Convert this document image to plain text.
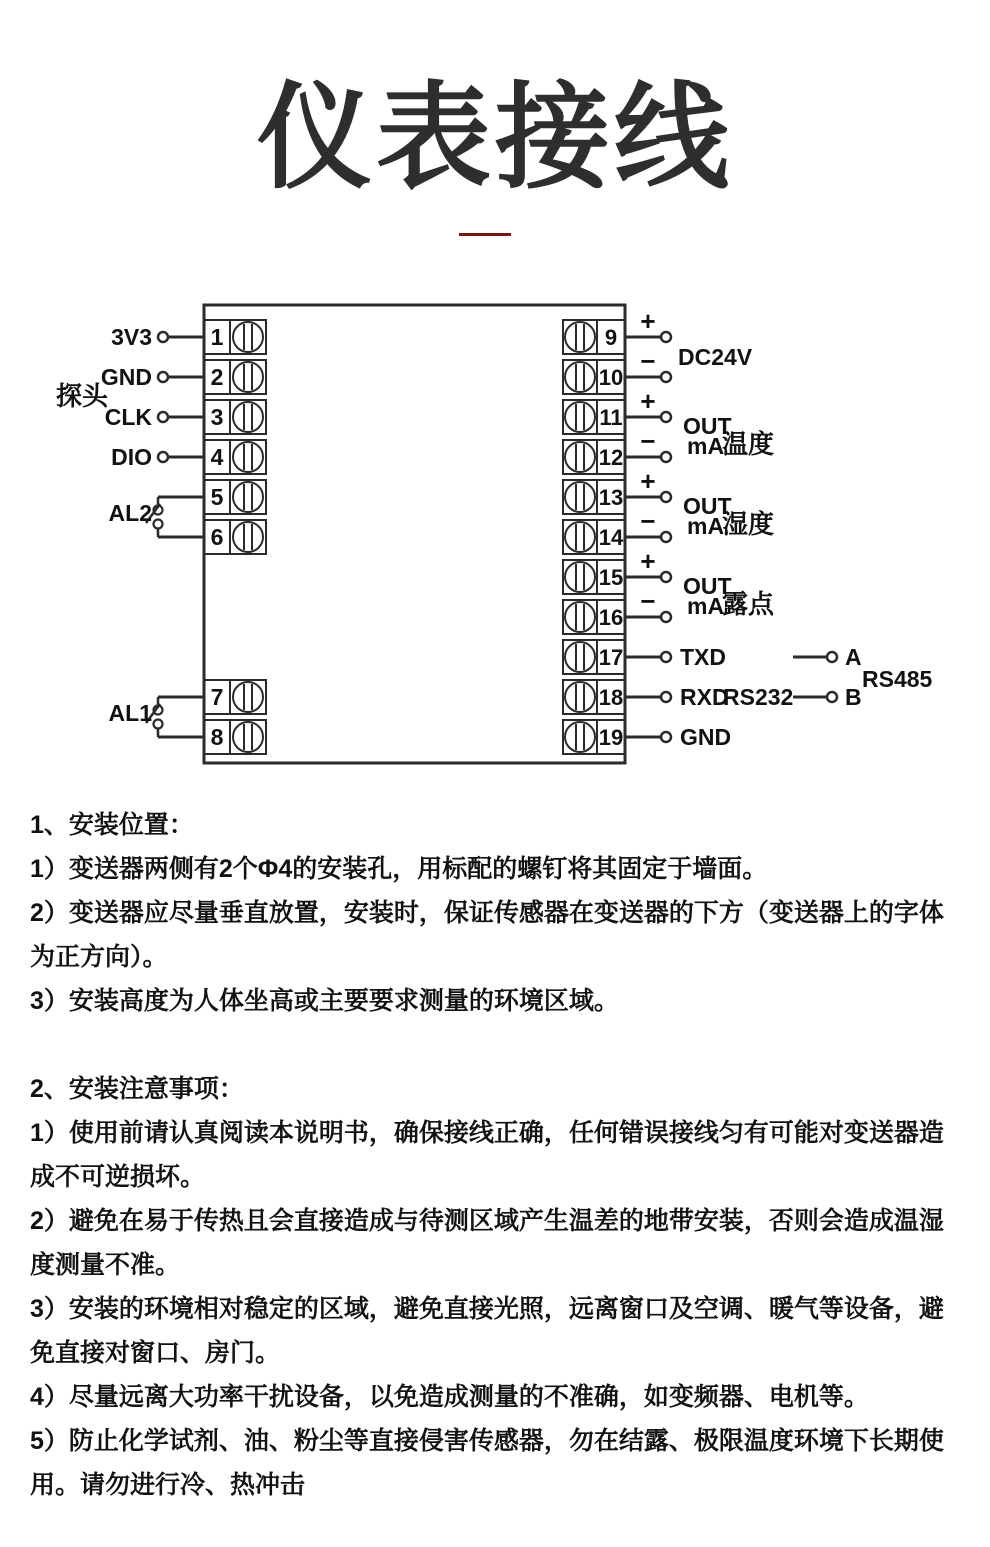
仪表接线
1
3V3
2
GND
3
CLK
4
DIO
5
6
7
8
探头
AL2
AL1
9
+
10
−
11
+
12
−
13
+
14
−
15
+
16
−
17 TXD
18 RXD
19 GND
DC24V
OUT
mA
温度
OUT
mA
湿度
OUT
mA
露点
RS232
A
B
RS485

1、安装位置：

1）变送器两侧有2个Φ4的安装孔，用标配的螺钉将其固定于墙面。

2）变送器应尽量垂直放置，安装时，保证传感器在变送器的下方（变送器上的字体为正方向）。

3）安装高度为人体坐高或主要要求测量的环境区域。

2、安装注意事项：

1）使用前请认真阅读本说明书，确保接线正确，任何错误接线匀有可能对变送器造成不可逆损坏。

2）避免在易于传热且会直接造成与待测区域产生温差的地带安装，否则会造成温湿度测量不准。

3）安装的环境相对稳定的区域，避免直接光照，远离窗口及空调、暖气等设备，避免直接对窗口、房门。

4）尽量远离大功率干扰设备，以免造成测量的不准确，如变频器、电机等。

5）防止化学试剂、油、粉尘等直接侵害传感器，勿在结露、极限温度环境下长期使用。请勿进行冷、热冲击
